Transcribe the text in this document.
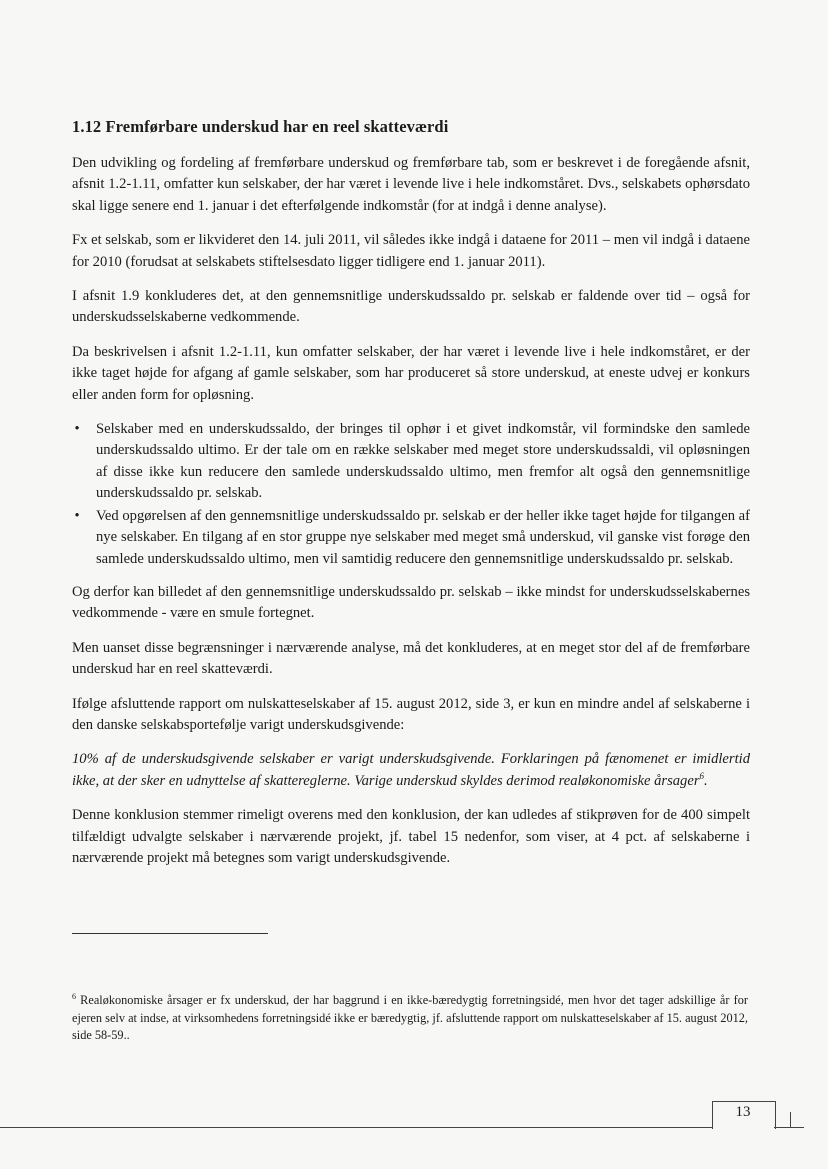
1.12 Fremførbare underskud har en reel skatteværdi

Den udvikling og fordeling af fremførbare underskud og fremførbare tab, som er beskrevet i de foregående afsnit, afsnit 1.2-1.11, omfatter kun selskaber, der har været i levende live i hele indkomståret. Dvs., selskabets ophørsdato skal ligge senere end 1. januar i det efterfølgende indkomstår (for at indgå i denne analyse).

Fx et selskab, som er likvideret den 14. juli 2011, vil således ikke indgå i dataene for 2011 – men vil indgå i dataene for 2010 (forudsat at selskabets stiftelsesdato ligger tidligere end 1. januar 2011).

I afsnit 1.9 konkluderes det, at den gennemsnitlige underskudssaldo pr. selskab er faldende over tid – også for underskudsselskaberne vedkommende.

Da beskrivelsen i afsnit 1.2-1.11, kun omfatter selskaber, der har været i levende live i hele indkomståret, er der ikke taget højde for afgang af gamle selskaber, som har produceret så store underskud, at eneste udvej er konkurs eller anden form for opløsning.

• Selskaber med en underskudssaldo, der bringes til ophør i et givet indkomstår, vil formindske den samlede underskudssaldo ultimo. Er der tale om en række selskaber med meget store underskudssaldi, vil opløsningen af disse ikke kun reducere den samlede underskudssaldo ultimo, men fremfor alt også den gennemsnitlige underskudssaldo pr. selskab.
• Ved opgørelsen af den gennemsnitlige underskudssaldo pr. selskab er der heller ikke taget højde for tilgangen af nye selskaber. En tilgang af en stor gruppe nye selskaber med meget små underskud, vil ganske vist forøge den samlede underskudssaldo ultimo, men vil samtidig reducere den gennemsnitlige underskudssaldo pr. selskab.

Og derfor kan billedet af den gennemsnitlige underskudssaldo pr. selskab – ikke mindst for underskudsselskabernes vedkommende - være en smule fortegnet.

Men uanset disse begrænsninger i nærværende analyse, må det konkluderes, at en meget stor del af de fremførbare underskud har en reel skatteværdi.

Ifølge afsluttende rapport om nulskatteselskaber af 15. august 2012, side 3, er kun en mindre andel af selskaberne i den danske selskabsportefølje varigt underskudsgivende:

10% af de underskudsgivende selskaber er varigt underskudsgivende. Forklaringen på fænomenet er imidlertid ikke, at der sker en udnyttelse af skattereglerne. Varige underskud skyldes derimod realøkonomiske årsager$^6$.

Denne konklusion stemmer rimeligt overens med den konklusion, der kan udledes af stikprøven for de 400 simpelt tilfældigt udvalgte selskaber i nærværende projekt, jf. tabel 15 nedenfor, som viser, at 4 pct. af selskaberne i nærværende projekt må betegnes som varigt underskudsgivende.

$^6$ Realøkonomiske årsager er fx underskud, der har baggrund i en ikke-bæredygtig forretningsidé, men hvor det tager adskillige år for ejeren selv at indse, at virksomhedens forretningsidé ikke er bæredygtig, jf. afsluttende rapport om nulskatteselskaber af 15. august 2012, side 58-59..

13
